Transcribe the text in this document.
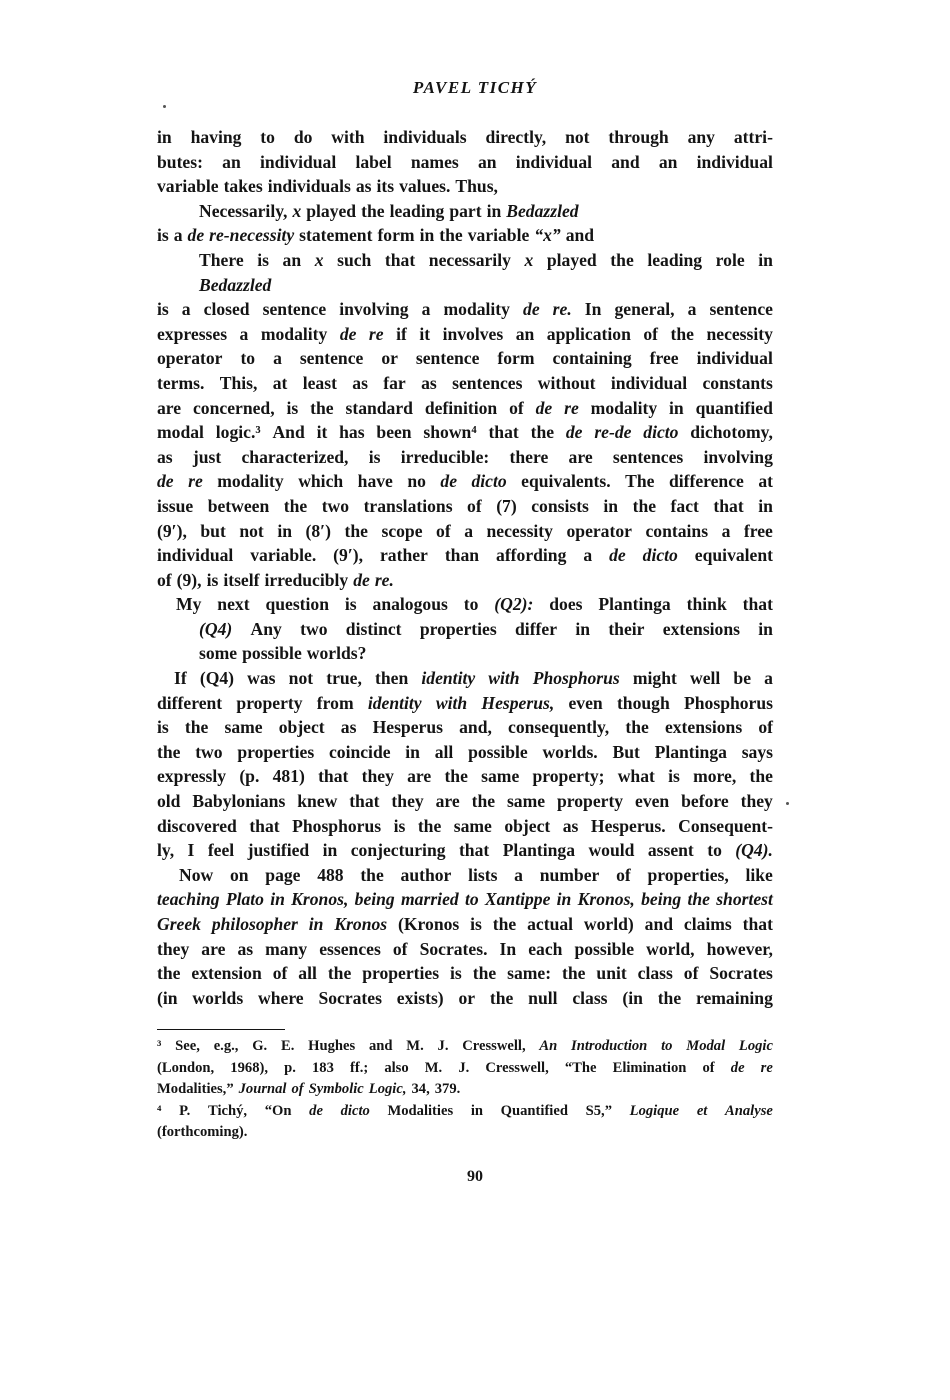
PAVEL TICHÝ
in having to do with individuals directly, not through any attri-
butes: an individual label names an individual and an individual
variable takes individuals as its values. Thus,
Necessarily, x played the leading part in Bedazzled
is a de re-necessity statement form in the variable “x” and
There is an x such that necessarily x played the leading role in
Bedazzled
is a closed sentence involving a modality de re. In general, a sentence
expresses a modality de re if it involves an application of the necessity
operator to a sentence or sentence form containing free individual
terms. This, at least as far as sentences without individual constants
are concerned, is the standard definition of de re modality in quantified
modal logic.³ And it has been shown⁴ that the de re-de dicto dichotomy,
as just characterized, is irreducible: there are sentences involving
de re modality which have no de dicto equivalents. The difference at
issue between the two translations of (7) consists in the fact that in
(9′), but not in (8′) the scope of a necessity operator contains a free
individual variable. (9′), rather than affording a de dicto equivalent
of (9), is itself irreducibly de re.
My next question is analogous to (Q2): does Plantinga think that
(Q4) Any two distinct properties differ in their extensions in
some possible worlds?
If (Q4) was not true, then identity with Phosphorus might well be a
different property from identity with Hesperus, even though Phosphorus
is the same object as Hesperus and, consequently, the extensions of
the two properties coincide in all possible worlds. But Plantinga says
expressly (p. 481) that they are the same property; what is more, the
old Babylonians knew that they are the same property even before they
discovered that Phosphorus is the same object as Hesperus. Consequent-
ly, I feel justified in conjecturing that Plantinga would assent to (Q4).
Now on page 488 the author lists a number of properties, like
teaching Plato in Kronos, being married to Xantippe in Kronos, being the shortest
Greek philosopher in Kronos (Kronos is the actual world) and claims that
they are as many essences of Socrates. In each possible world, however,
the extension of all the properties is the same: the unit class of Socrates
(in worlds where Socrates exists) or the null class (in the remaining
³ See, e.g., G. E. Hughes and M. J. Cresswell, An Introduction to Modal Logic
(London, 1968), p. 183 ff.; also M. J. Cresswell, “The Elimination of de re
Modalities,” Journal of Symbolic Logic, 34, 379.
⁴ P. Tichý, “On de dicto Modalities in Quantified S5,” Logique et Analyse
(forthcoming).
90
